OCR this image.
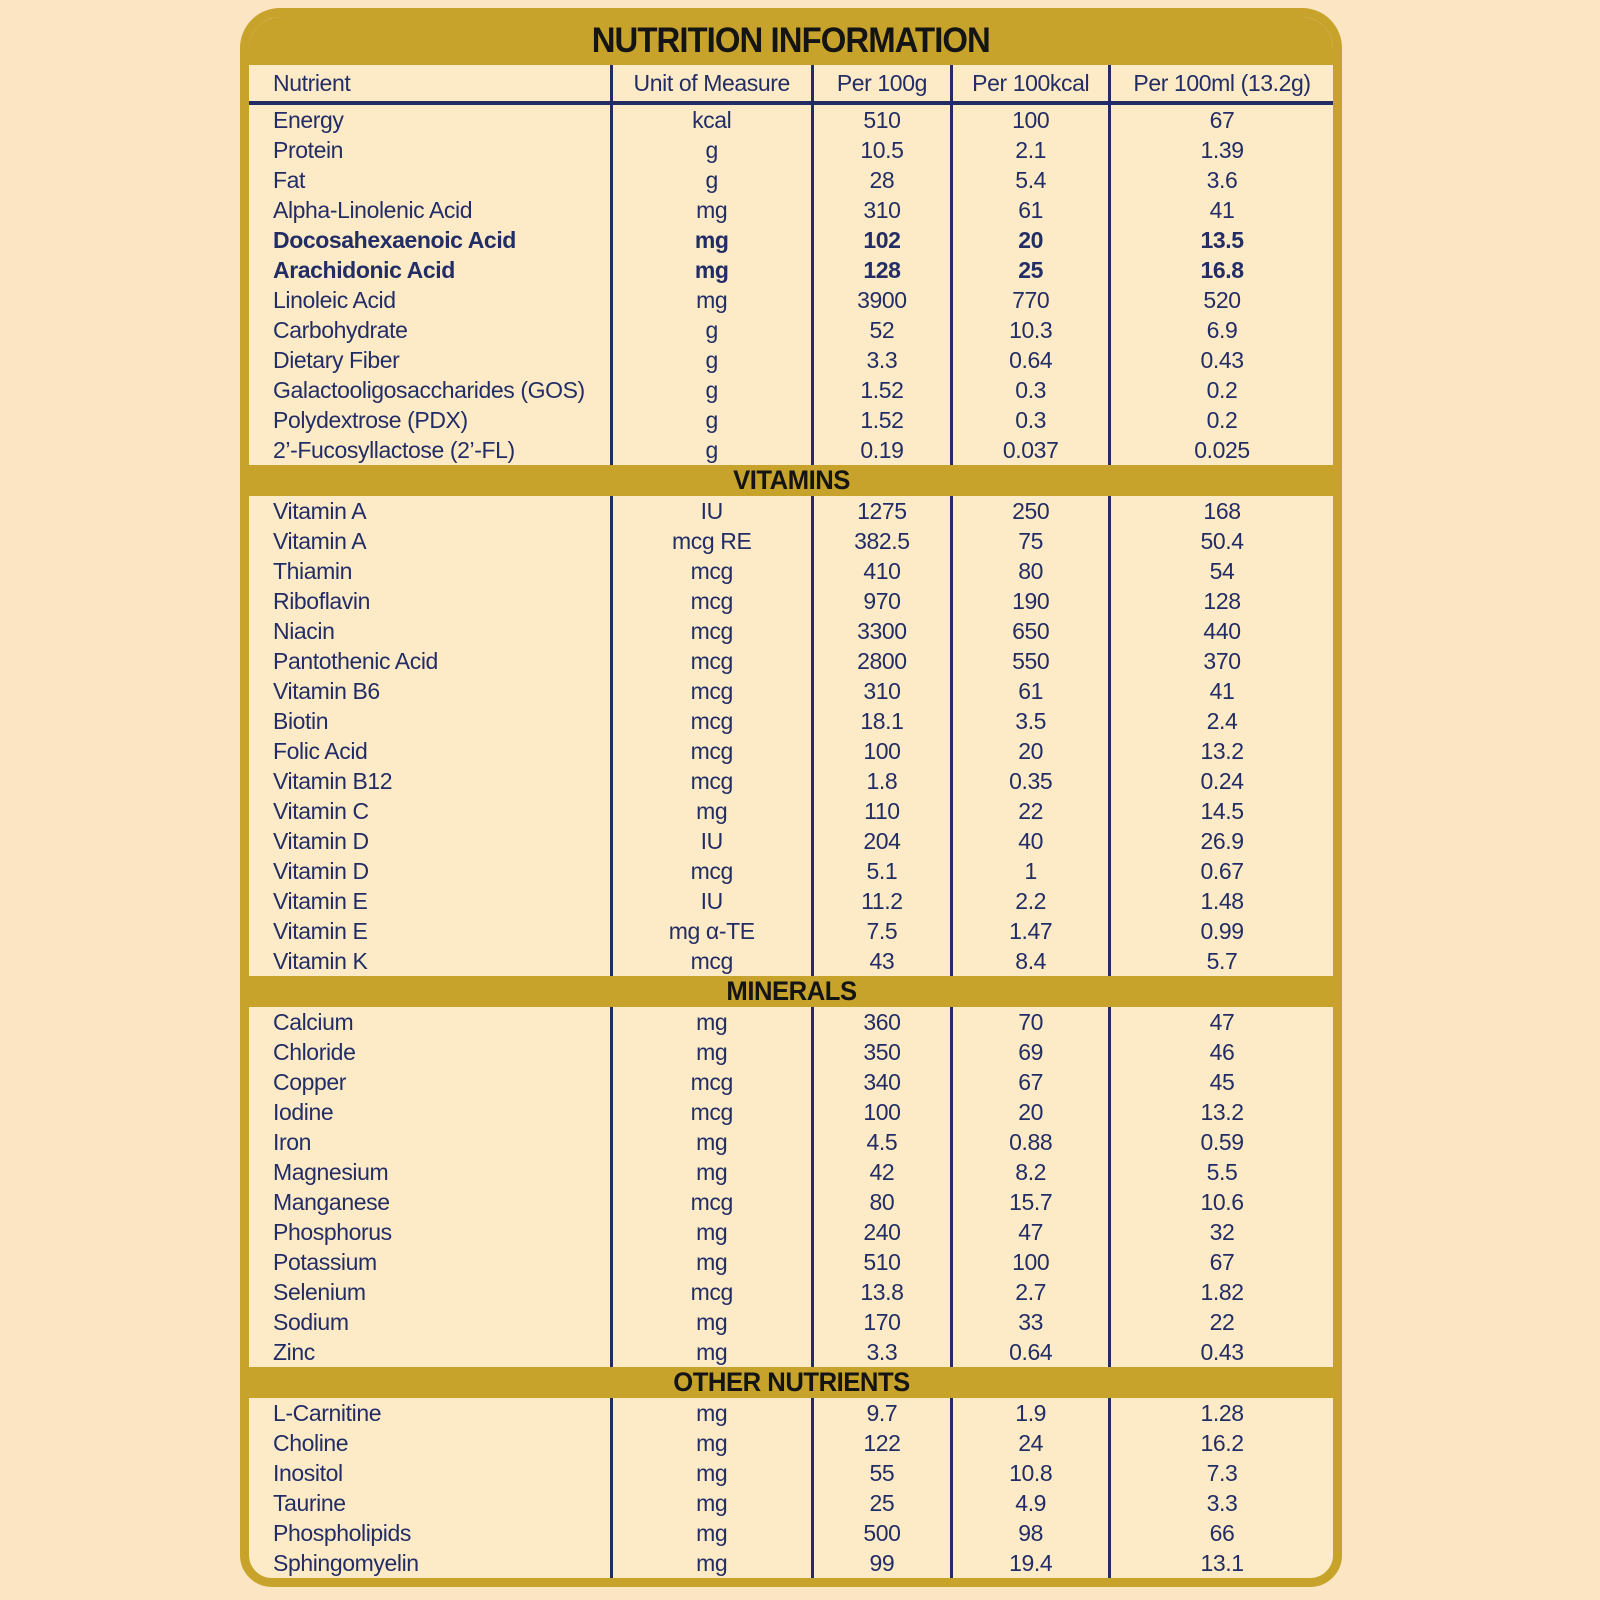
NUTRITION INFORMATION
Nutrient	Unit of Measure	Per 100g	Per 100kcal	Per 100ml (13.2g)
Energy	kcal	510	100	67
Protein	g	10.5	2.1	1.39
Fat	g	28	5.4	3.6
Alpha-Linolenic Acid	mg	310	61	41
Docosahexaenoic Acid	mg	102	20	13.5
Arachidonic Acid	mg	128	25	16.8
Linoleic Acid	mg	3900	770	520
Carbohydrate	g	52	10.3	6.9
Dietary Fiber	g	3.3	0.64	0.43
Galactooligosaccharides (GOS)	g	1.52	0.3	0.2
Polydextrose (PDX)	g	1.52	0.3	0.2
2’-Fucosyllactose (2’-FL)	g	0.19	0.037	0.025
VITAMINS
Vitamin A	IU	1275	250	168
Vitamin A	mcg RE	382.5	75	50.4
Thiamin	mcg	410	80	54
Riboflavin	mcg	970	190	128
Niacin	mcg	3300	650	440
Pantothenic Acid	mcg	2800	550	370
Vitamin B6	mcg	310	61	41
Biotin	mcg	18.1	3.5	2.4
Folic Acid	mcg	100	20	13.2
Vitamin B12	mcg	1.8	0.35	0.24
Vitamin C	mg	110	22	14.5
Vitamin D	IU	204	40	26.9
Vitamin D	mcg	5.1	1	0.67
Vitamin E	IU	11.2	2.2	1.48
Vitamin E	mg α-TE	7.5	1.47	0.99
Vitamin K	mcg	43	8.4	5.7
MINERALS
Calcium	mg	360	70	47
Chloride	mg	350	69	46
Copper	mcg	340	67	45
Iodine	mcg	100	20	13.2
Iron	mg	4.5	0.88	0.59
Magnesium	mg	42	8.2	5.5
Manganese	mcg	80	15.7	10.6
Phosphorus	mg	240	47	32
Potassium	mg	510	100	67
Selenium	mcg	13.8	2.7	1.82
Sodium	mg	170	33	22
Zinc	mg	3.3	0.64	0.43
OTHER NUTRIENTS
L-Carnitine	mg	9.7	1.9	1.28
Choline	mg	122	24	16.2
Inositol	mg	55	10.8	7.3
Taurine	mg	25	4.9	3.3
Phospholipids	mg	500	98	66
Sphingomyelin	mg	99	19.4	13.1
